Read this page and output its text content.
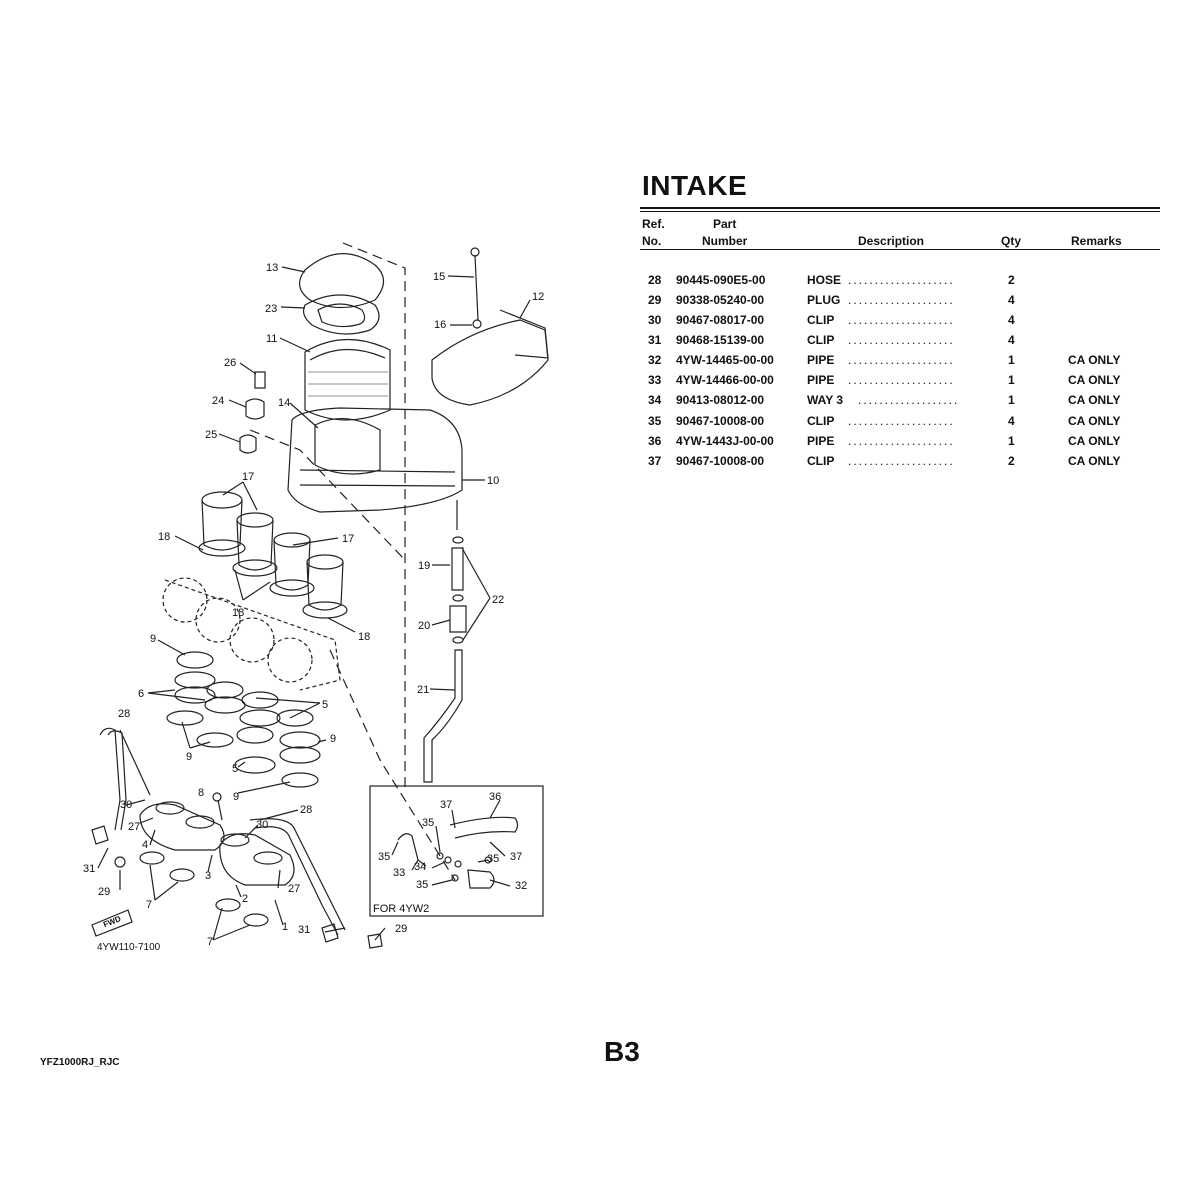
13
23
11
26
24
25
14
15
16
12
10
17
18	17
18
18
19
20
22
21
9
6
9
5
9
5
9
28
8
30
27
4
3
2
1
7
7
31
29
28
30
27
31	29
37
36
35
35
34
33
35
37
35
32
FOR 4YW2
FWD
4YW110-7100
INTAKE
Ref.
No.
Part
Number	Description	Qty	Remarks
28 90445-090E5-00	HOSE ....................	2
29 90338-05240-00	PLUG ....................	4
30 90467-08017-00	CLIP ....................	4
31 90468-15139-00	CLIP ....................	4
32 4YW-14465-00-00	PIPE ....................	1	CA ONLY
33 4YW-14466-00-00	PIPE ....................	1	CA ONLY
34 90413-08012-00	WAY 3 ...................	1	CA ONLY
35 90467-10008-00	CLIP ....................	4	CA ONLY
36 4YW-1443J-00-00	PIPE ....................	1	CA ONLY
37 90467-10008-00	CLIP ....................	2	CA ONLY
YFZ1000RJ_RJC	B3
